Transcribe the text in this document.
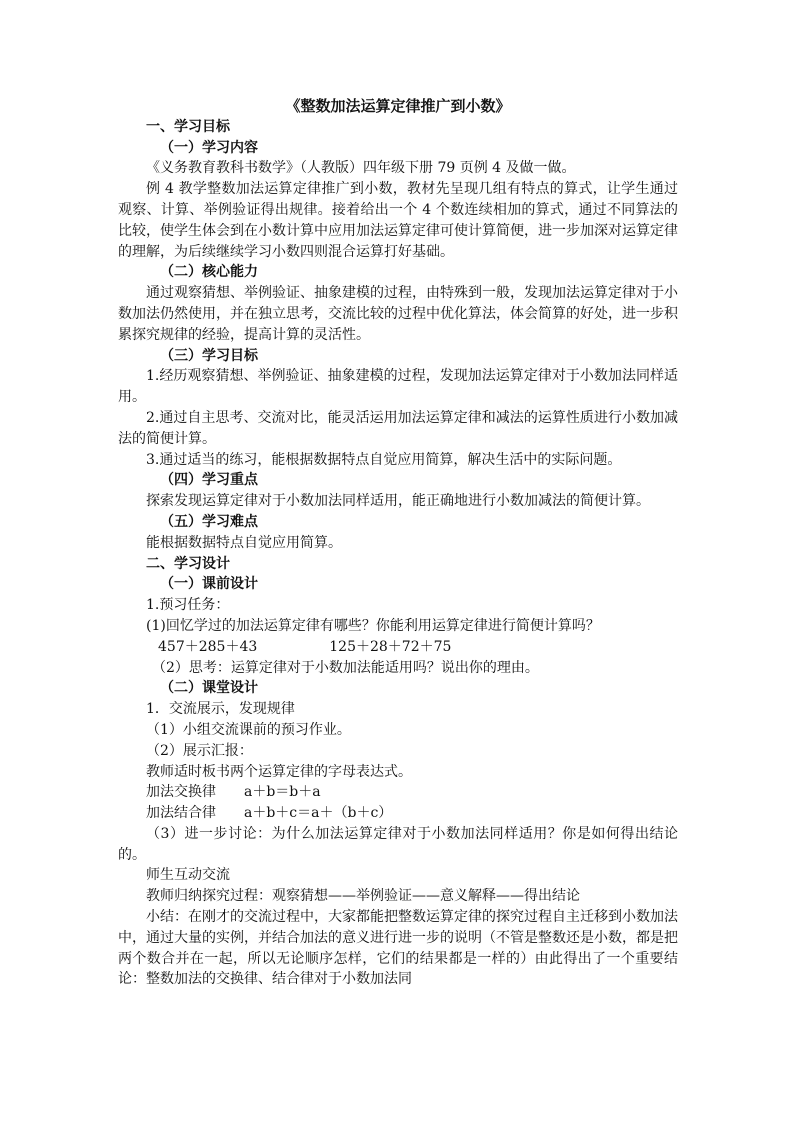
《整数加法运算定律推广到小数》
一、学习目标
（一）学习内容
《义务教育教科书数学》（人教版）四年级下册 79 页例 4 及做一做。
例 4 教学整数加法运算定律推广到小数，教材先呈现几组有特点的算式，让学生通过观察、计算、举例验证得出规律。接着给出一个 4 个数连续相加的算式，通过不同算法的比较，使学生体会到在小数计算中应用加法运算定律可使计算简便，进一步加深对运算定律的理解，为后续继续学习小数四则混合运算打好基础。
（二）核心能力
通过观察猜想、举例验证、抽象建模的过程，由特殊到一般，发现加法运算定律对于小数加法仍然使用，并在独立思考，交流比较的过程中优化算法，体会简算的好处，进一步积累探究规律的经验，提高计算的灵活性。
（三）学习目标
1.经历观察猜想、举例验证、抽象建模的过程，发现加法运算定律对于小数加法同样适用。
2.通过自主思考、交流对比，能灵活运用加法运算定律和减法的运算性质进行小数加减法的简便计算。
3.通过适当的练习，能根据数据特点自觉应用简算，解决生活中的实际问题。
（四）学习重点
探索发现运算定律对于小数加法同样适用，能正确地进行小数加减法的简便计算。
（五）学习难点
能根据数据特点自觉应用简算。
二、学习设计
（一）课前设计
1.预习任务：
(1)回忆学过的加法运算定律有哪些？你能利用运算定律进行简便计算吗？
457＋285＋43	125＋28＋72＋75
（2）思考：运算定律对于小数加法能适用吗？说出你的理由。
（二）课堂设计
1．交流展示，发现规律
（1）小组交流课前的预习作业。
（2）展示汇报：
教师适时板书两个运算定律的字母表达式。
加法交换律 a＋b＝b＋a
加法结合律 a＋b＋c＝a＋（b＋c）
（3）进一步讨论：为什么加法运算定律对于小数加法同样适用？你是如何得出结论的。
师生互动交流
教师归纳探究过程：观察猜想——举例验证——意义解释——得出结论
小结：在刚才的交流过程中，大家都能把整数运算定律的探究过程自主迁移到小数加法中，通过大量的实例，并结合加法的意义进行进一步的说明（不管是整数还是小数，都是把两个数合并在一起，所以无论顺序怎样，它们的结果都是一样的）由此得出了一个重要结论：整数加法的交换律、结合律对于小数加法同
